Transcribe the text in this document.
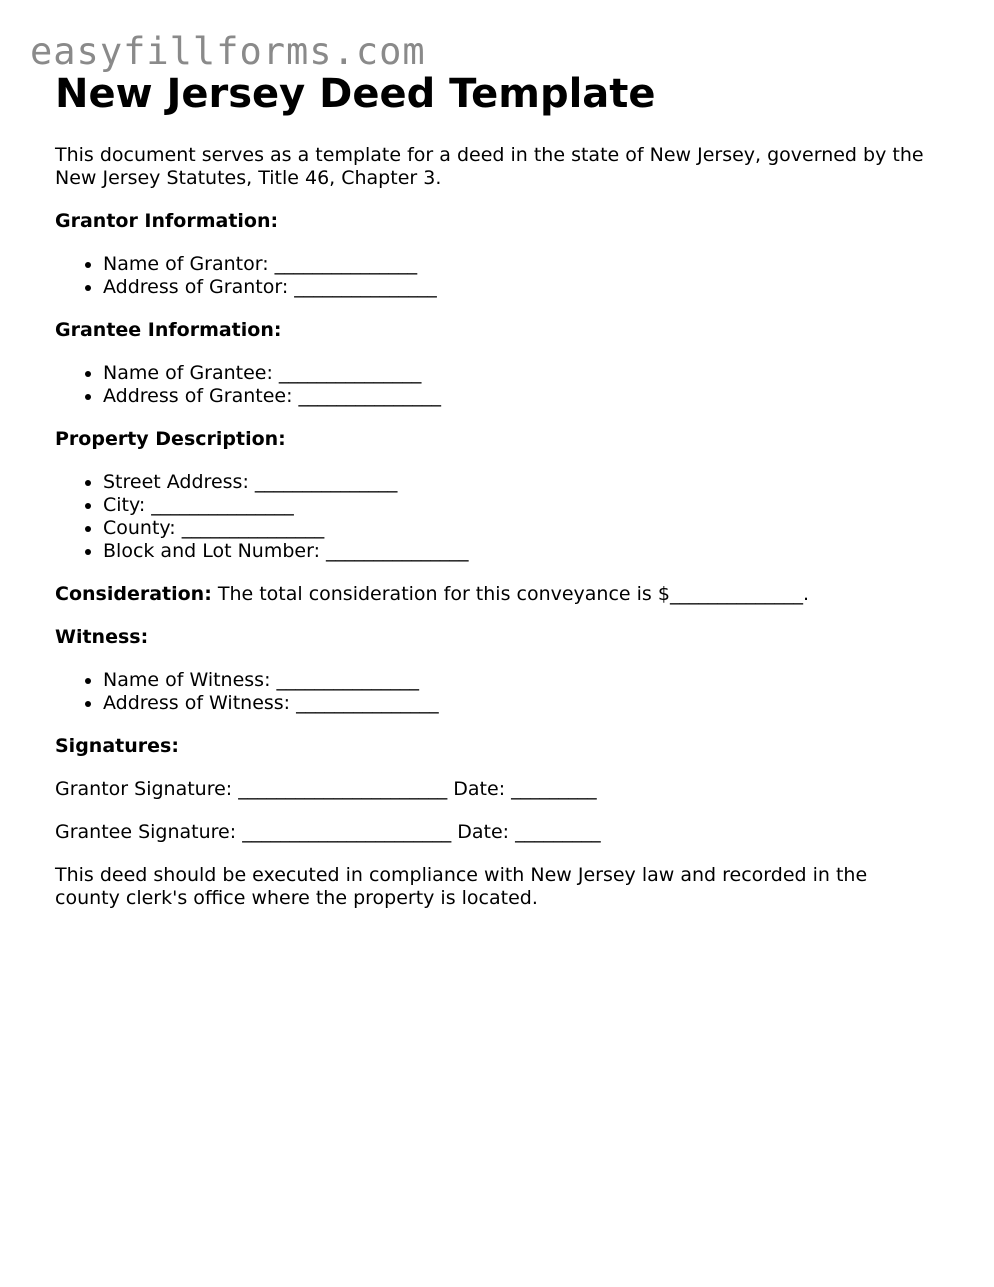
easyfillforms.com
New Jersey Deed Template

This document serves as a template for a deed in the state of New Jersey, governed by the New Jersey Statutes, Title 46, Chapter 3.

Grantor Information:

• Name of Grantor: _______________
• Address of Grantor: _______________

Grantee Information:

• Name of Grantee: _______________
• Address of Grantee: _______________

Property Description:

• Street Address: _______________
• City: _______________
• County: _______________
• Block and Lot Number: _______________

Consideration: The total consideration for this conveyance is $______________.

Witness:

• Name of Witness: _______________
• Address of Witness: _______________

Signatures:

Grantor Signature: ______________________ Date: _________

Grantee Signature: ______________________ Date: _________

This deed should be executed in compliance with New Jersey law and recorded in the county clerk's office where the property is located.
